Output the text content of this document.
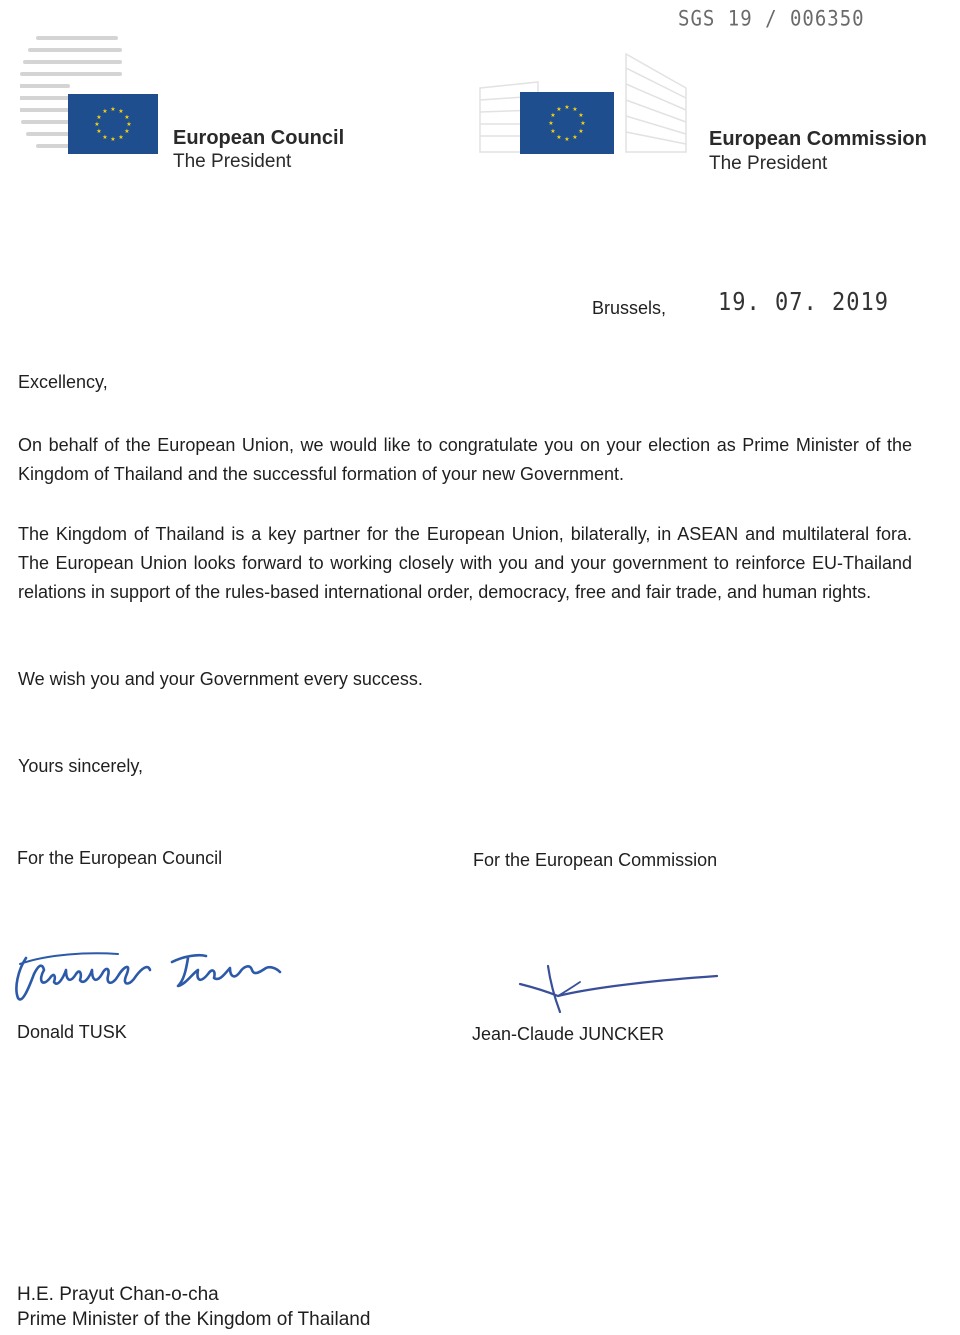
SGS 19 / 006350
★ ★
★
★
★
★
★
★
★
★
★
★
European Council
The President
★ ★
★
★
★
★
★
★
★
★
★
★
European Commission
The President
Brussels, 19. 07. 2019
Excellency,
On behalf of the European Union, we would like to congratulate you on your election as Prime Minister of the Kingdom of Thailand and the successful formation of your new Government.
The Kingdom of Thailand is a key partner for the European Union, bilaterally, in ASEAN and multilateral fora. The European Union looks forward to working closely with you and your government to reinforce EU-Thailand relations in support of the rules-based international order, democracy, free and fair trade, and human rights.
We wish you and your Government every success.
Yours sincerely,
For the European Council	For the European Commission
Donald TUSK	Jean-Claude JUNCKER
H.E. Prayut Chan-o-cha
Prime Minister of the Kingdom of Thailand
